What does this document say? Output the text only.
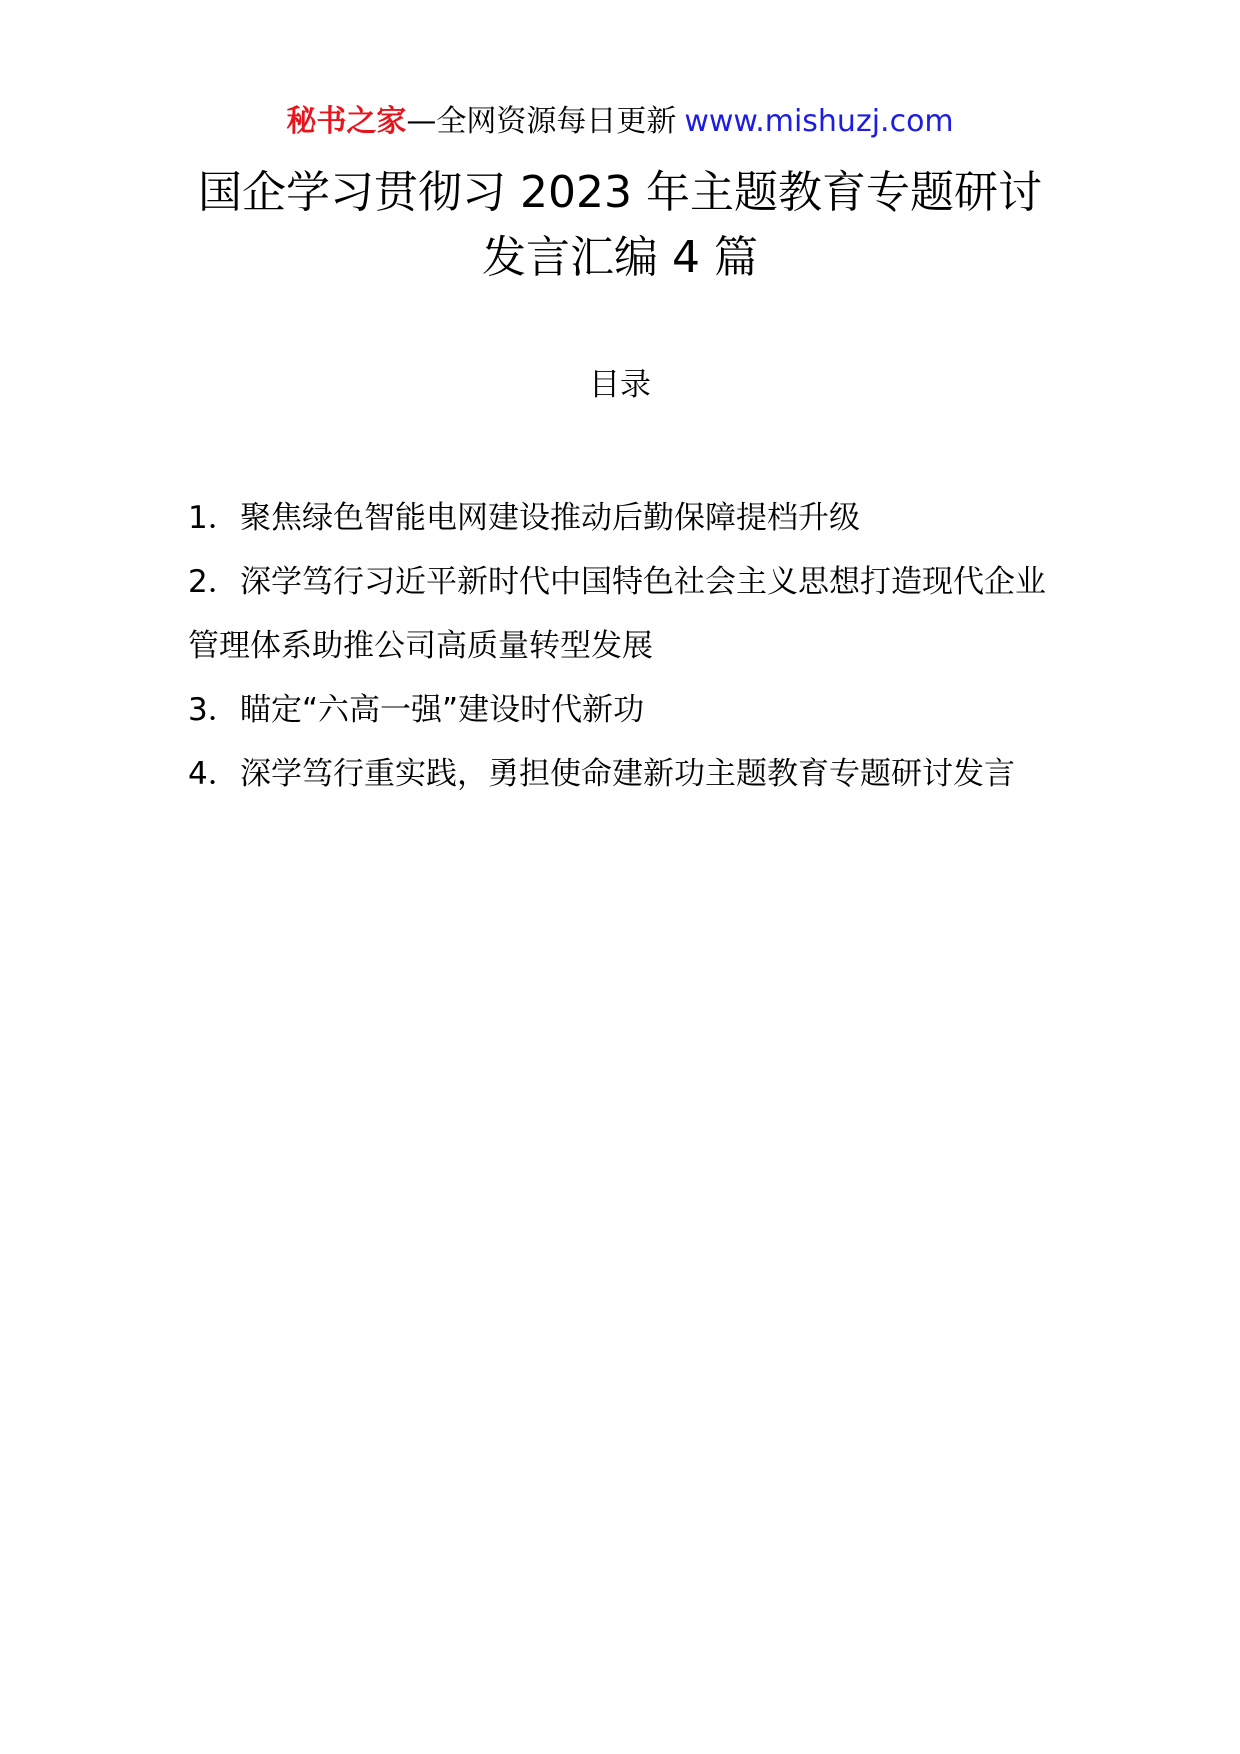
秘书之家—全网资源每日更新 www.mishuzj.com
国企学习贯彻习 2023 年主题教育专题研讨
发言汇编 4 篇
目录
1．聚焦绿色智能电网建设推动后勤保障提档升级
2．深学笃行习近平新时代中国特色社会主义思想打造现代企业管理体系助推公司高质量转型发展
3．瞄定“六高一强”建设时代新功
4．深学笃行重实践，勇担使命建新功主题教育专题研讨发言
